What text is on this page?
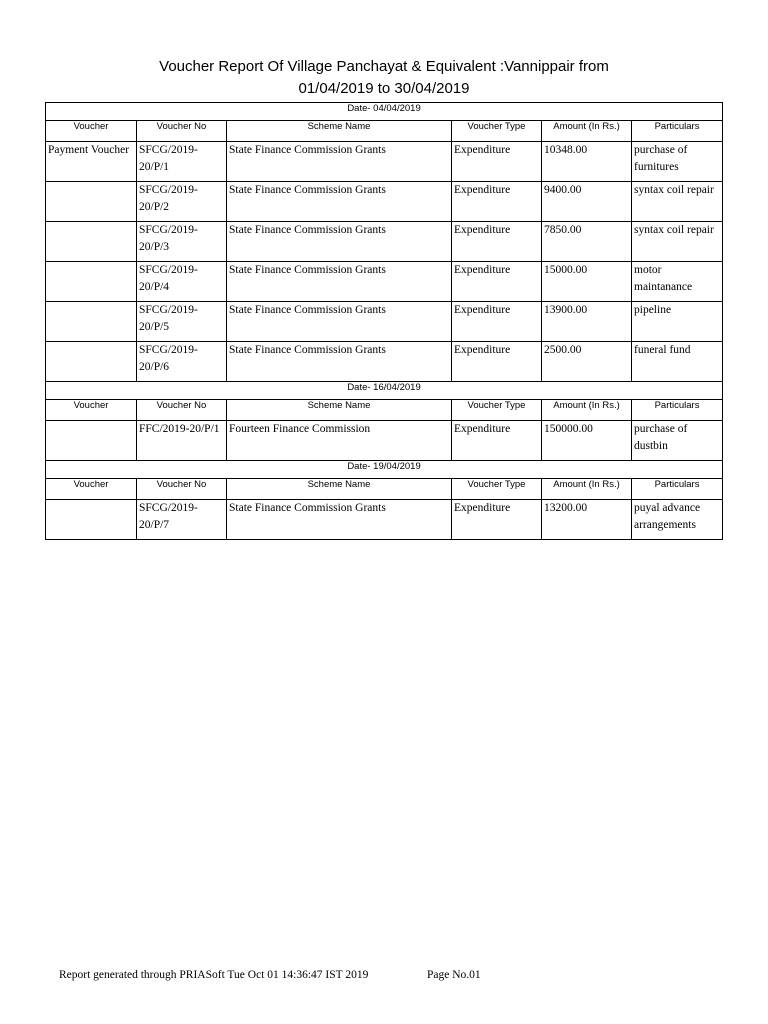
Voucher Report Of Village Panchayat & Equivalent :Vannippair from
01/04/2019 to 30/04/2019
Date- 04/04/2019					
Voucher	Voucher No	Scheme Name	Voucher Type	Amount (In Rs.)	Particulars
Payment Voucher	SFCG/2019-20/P/1	State Finance Commission Grants	Expenditure	10348.00	purchase of furnitures
	SFCG/2019-20/P/2	State Finance Commission Grants	Expenditure	9400.00	syntax coil repair
	SFCG/2019-20/P/3	State Finance Commission Grants	Expenditure	7850.00	syntax coil repair
	SFCG/2019-20/P/4	State Finance Commission Grants	Expenditure	15000.00	motor maintanance
	SFCG/2019-20/P/5	State Finance Commission Grants	Expenditure	13900.00	pipeline
	SFCG/2019-20/P/6	State Finance Commission Grants	Expenditure	2500.00	funeral fund
Date- 16/04/2019					
Voucher	Voucher No	Scheme Name	Voucher Type	Amount (In Rs.)	Particulars
	FFC/2019-20/P/1	Fourteen Finance Commission	Expenditure	150000.00	purchase of dustbin
Date- 19/04/2019					
Voucher	Voucher No	Scheme Name	Voucher Type	Amount (In Rs.)	Particulars
	SFCG/2019-20/P/7	State Finance Commission Grants	Expenditure	13200.00	puyal advance arrangements
Report generated through PRIASoft Tue Oct 01 14:36:47 IST 2019	Page No.01
